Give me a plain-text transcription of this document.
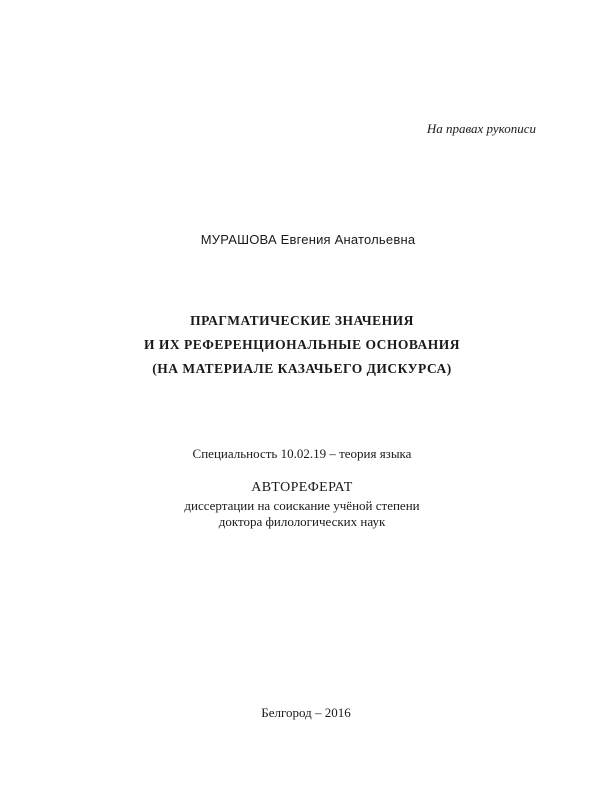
На правах рукописи
МУРАШОВА Евгения Анатольевна
ПРАГМАТИЧЕСКИЕ ЗНАЧЕНИЯ
И ИХ РЕФЕРЕНЦИОНАЛЬНЫЕ ОСНОВАНИЯ
(НА МАТЕРИАЛЕ КАЗАЧЬЕГО ДИСКУРСА)
Специальность 10.02.19 – теория языка
АВТОРЕФЕРАТ
диссертации на соискание учёной степени
доктора филологических наук
Белгород – 2016
